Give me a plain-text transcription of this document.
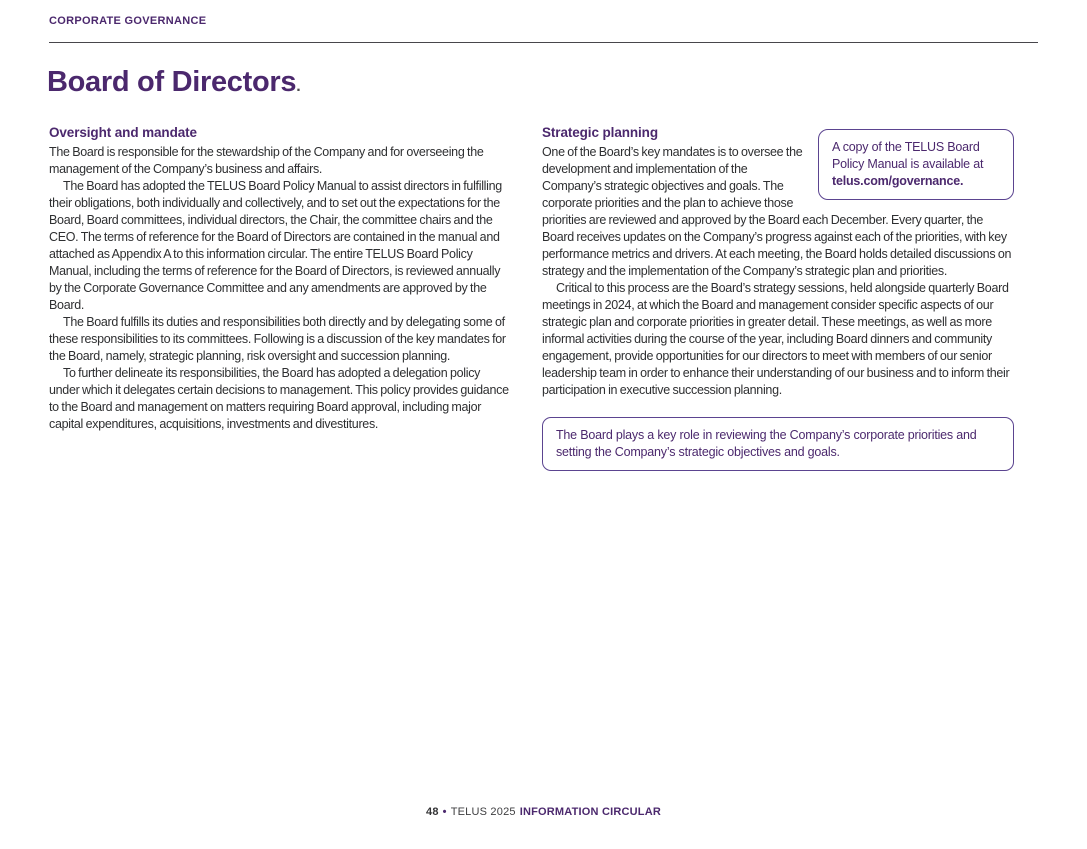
CORPORATE GOVERNANCE
Board of Directors.
Oversight and mandate

The Board is responsible for the stewardship of the Company and for overseeing the management of the Company’s business and affairs.

The Board has adopted the TELUS Board Policy Manual to assist directors in fulfilling their obligations, both individually and collectively, and to set out the expectations for the Board, Board committees, individual directors, the Chair, the committee chairs and the CEO. The terms of reference for the Board of Directors are contained in the manual and attached as Appendix A to this information circular. The entire TELUS Board Policy Manual, including the terms of reference for the Board of Directors, is reviewed annually by the Corporate Governance Committee and any amendments are approved by the Board.

The Board fulfills its duties and responsibilities both directly and by delegating some of these responsibilities to its committees. Following is a discussion of the key mandates for the Board, namely, strategic planning, risk oversight and succession planning.

To further delineate its responsibilities, the Board has adopted a delegation policy under which it delegates certain decisions to management. This policy provides guidance to the Board and management on matters requiring Board approval, including major capital expenditures, acquisitions, investments and divestitures.

A copy of the TELUS Board Policy Manual is available at telus.com/governance.
Strategic planning

One of the Board’s key mandates is to oversee the development and implementation of the Company’s strategic objectives and goals. The corporate priorities and the plan to achieve those priorities are reviewed and approved by the Board each December. Every quarter, the Board receives updates on the Company’s progress against each of the priorities, with key performance metrics and drivers. At each meeting, the Board holds detailed discussions on strategy and the implementation of the Company’s strategic plan and priorities.

Critical to this process are the Board’s strategy sessions, held alongside quarterly Board meetings in 2024, at which the Board and management consider specific aspects of our strategic plan and corporate priorities in greater detail. These meetings, as well as more informal activities during the course of the year, including Board dinners and community engagement, provide opportunities for our directors to meet with members of our senior leadership team in order to enhance their understanding of our business and to inform their participation in executive succession planning.

The Board plays a key role in reviewing the Company’s corporate priorities and setting the Company’s strategic objectives and goals.
48 • TELUS 2025 INFORMATION CIRCULAR
